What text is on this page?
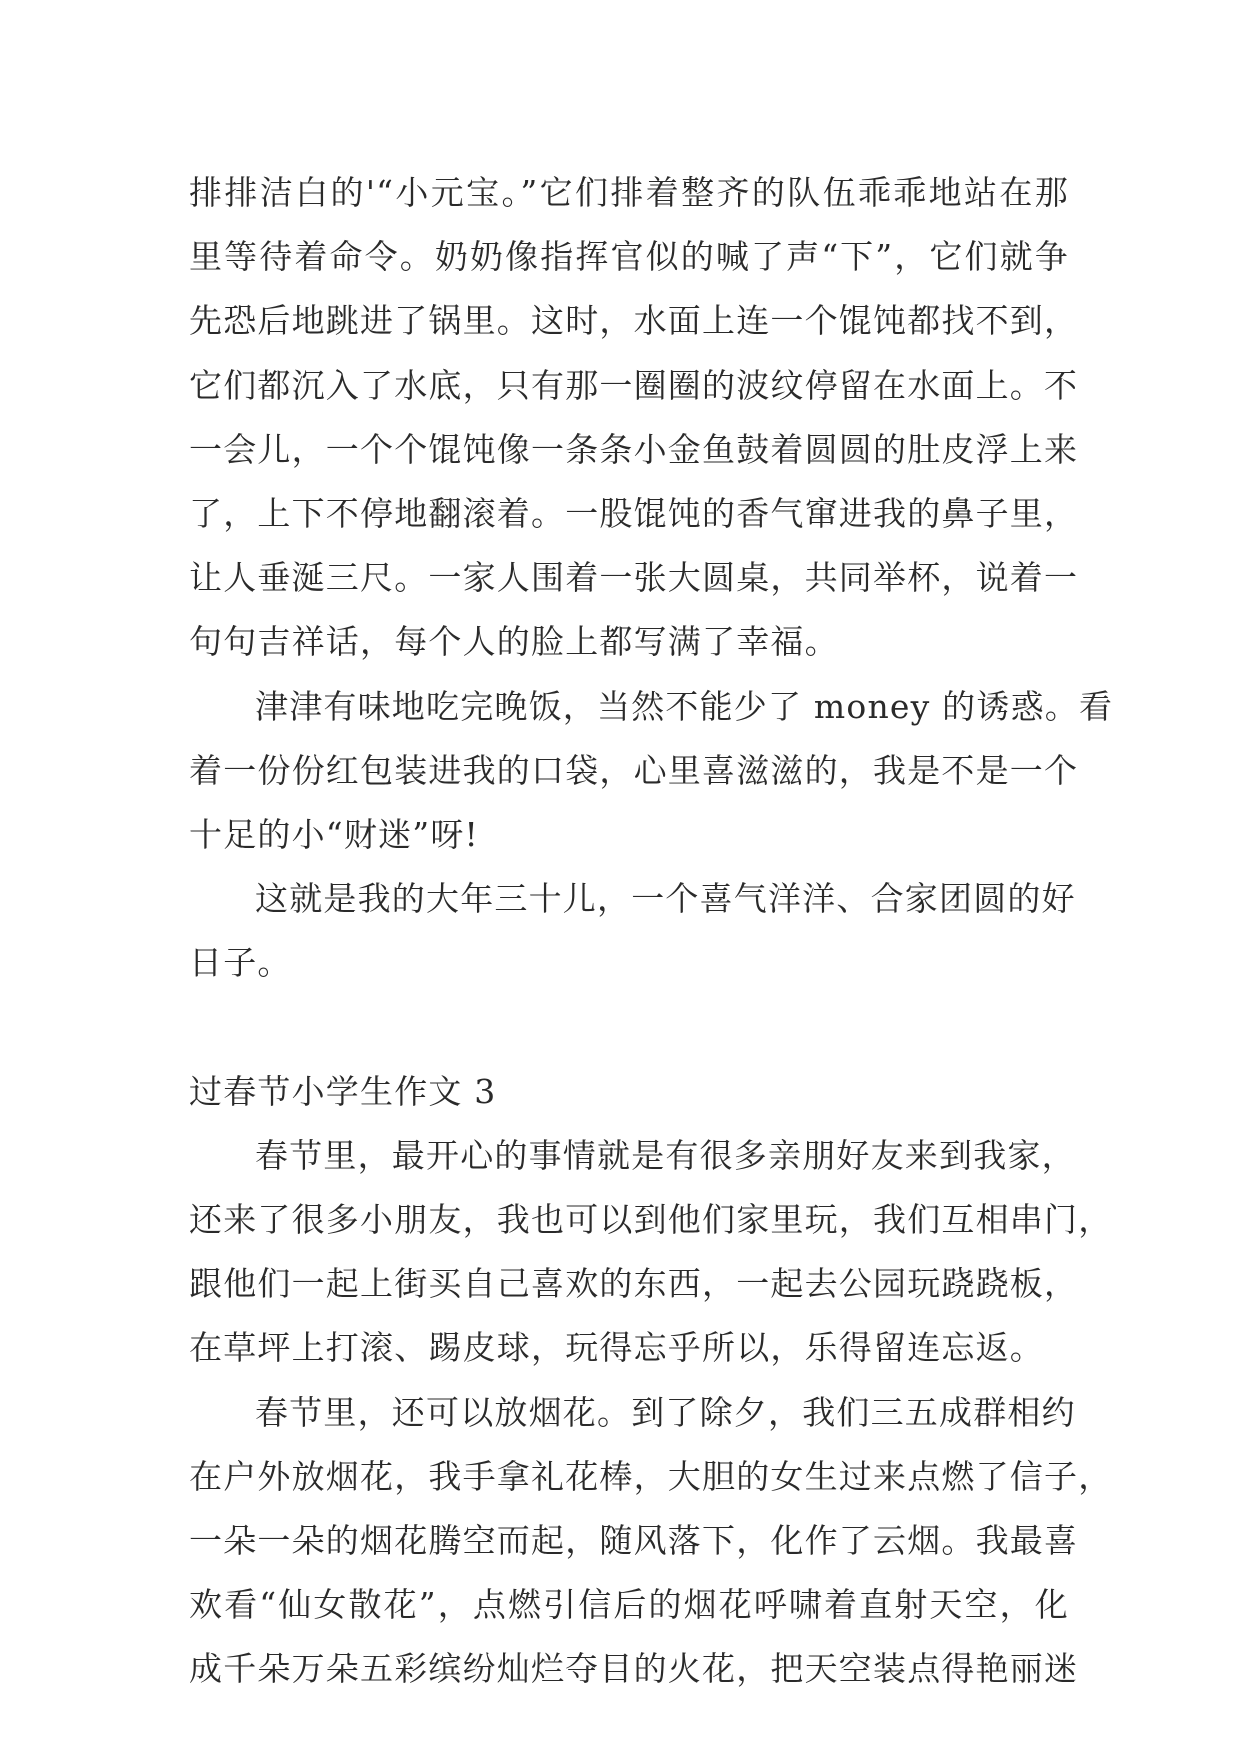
排排洁白的'“小元宝。”它们排着整齐的队伍乖乖地站在那
里等待着命令。奶奶像指挥官似的喊了声“下”，它们就争
先恐后地跳进了锅里。这时，水面上连一个馄饨都找不到，
它们都沉入了水底，只有那一圈圈的波纹停留在水面上。不
一会儿，一个个馄饨像一条条小金鱼鼓着圆圆的肚皮浮上来
了，上下不停地翻滚着。一股馄饨的香气窜进我的鼻子里，
让人垂涎三尺。一家人围着一张大圆桌，共同举杯，说着一
句句吉祥话，每个人的脸上都写满了幸福。
津津有味地吃完晚饭，当然不能少了 money 的诱惑。看
着一份份红包装进我的口袋，心里喜滋滋的，我是不是一个
十足的小“财迷”呀!
这就是我的大年三十儿，一个喜气洋洋、合家团圆的好
日子。
过春节小学生作文 3
春节里，最开心的事情就是有很多亲朋好友来到我家，
还来了很多小朋友，我也可以到他们家里玩，我们互相串门，
跟他们一起上街买自己喜欢的东西，一起去公园玩跷跷板，
在草坪上打滚、踢皮球，玩得忘乎所以，乐得留连忘返。
春节里，还可以放烟花。到了除夕，我们三五成群相约
在户外放烟花，我手拿礼花棒，大胆的女生过来点燃了信子，
一朵一朵的烟花腾空而起，随风落下，化作了云烟。我最喜
欢看“仙女散花”，点燃引信后的烟花呼啸着直射天空，化
成千朵万朵五彩缤纷灿烂夺目的火花，把天空装点得艳丽迷
